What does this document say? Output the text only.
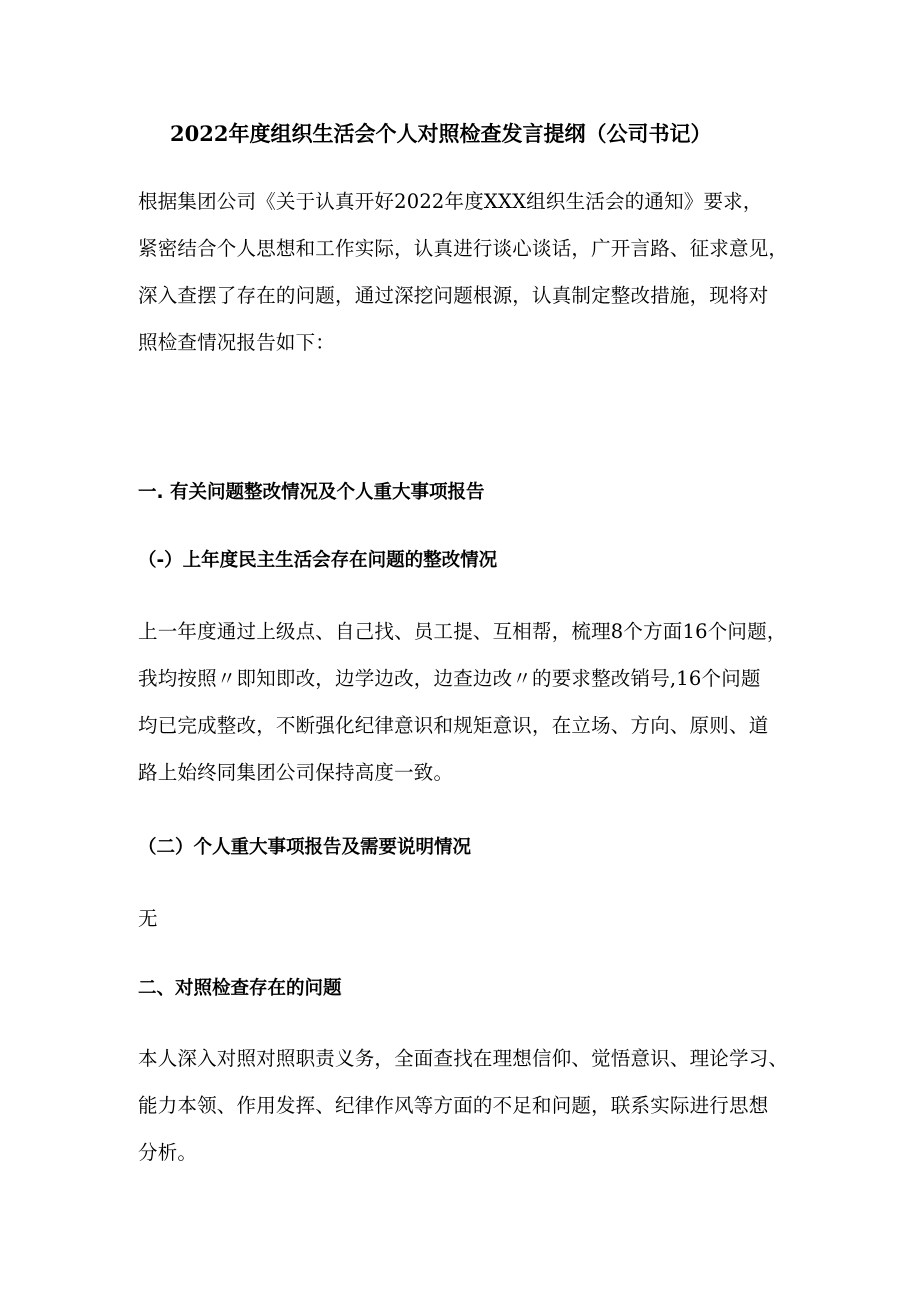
2022年度组织生活会个人对照检查发言提纲（公司书记）
根据集团公司《关于认真开好2022年度XXX组织生活会的通知》要求，
紧密结合个人思想和工作实际，认真进行谈心谈话，广开言路、征求意见，
深入查摆了存在的问题，通过深挖问题根源，认真制定整改措施，现将对
照检查情况报告如下：
一. 有关问题整改情况及个人重大事项报告
（-）上年度民主生活会存在问题的整改情况
上一年度通过上级点、自己找、员工提、互相帮，梳理8个方面16个问题，
我均按照〃即知即改，边学边改，边查边改〃的要求整改销号,16个问题
均已完成整改，不断强化纪律意识和规矩意识，在立场、方向、原则、道
路上始终同集团公司保持高度一致。
（二）个人重大事项报告及需要说明情况
无
二、对照检查存在的问题
本人深入对照对照职责义务，全面查找在理想信仰、觉悟意识、理论学习、
能力本领、作用发挥、纪律作风等方面的不足和问题，联系实际进行思想
分析。
